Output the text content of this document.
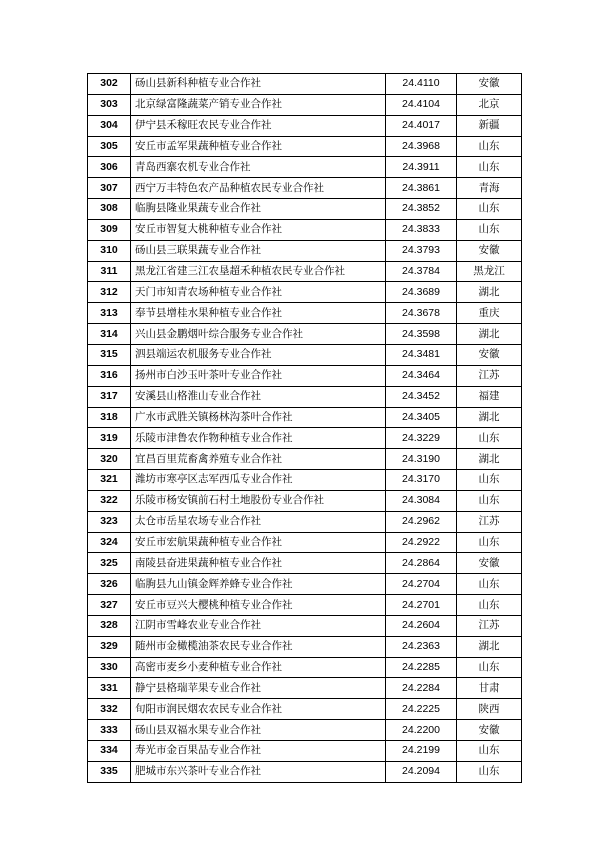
302	砀山县新科种植专业合作社	24.4110	安徽
303	北京绿富隆蔬菜产销专业合作社	24.4104	北京
304	伊宁县禾稼旺农民专业合作社	24.4017	新疆
305	安丘市孟军果蔬种植专业合作社	24.3968	山东
306	青岛西寨农机专业合作社	24.3911	山东
307	西宁万丰特色农产品种植农民专业合作社	24.3861	青海
308	临朐县隆业果蔬专业合作社	24.3852	山东
309	安丘市智复大桃种植专业合作社	24.3833	山东
310	砀山县三联果蔬专业合作社	24.3793	安徽
311	黑龙江省建三江农垦超禾种植农民专业合作社	24.3784	黑龙江
312	天门市知青农场种植专业合作社	24.3689	湖北
313	奉节县增桂水果种植专业合作社	24.3678	重庆
314	兴山县金鹏烟叶综合服务专业合作社	24.3598	湖北
315	泗县端运农机服务专业合作社	24.3481	安徽
316	扬州市白沙玉叶茶叶专业合作社	24.3464	江苏
317	安溪县山格淮山专业合作社	24.3452	福建
318	广水市武胜关镇杨林沟茶叶合作社	24.3405	湖北
319	乐陵市津鲁农作物种植专业合作社	24.3229	山东
320	宜昌百里荒畜禽养殖专业合作社	24.3190	湖北
321	潍坊市寒亭区志军西瓜专业合作社	24.3170	山东
322	乐陵市杨安镇前石村土地股份专业合作社	24.3084	山东
323	太仓市岳星农场专业合作社	24.2962	江苏
324	安丘市宏航果蔬种植专业合作社	24.2922	山东
325	南陵县奋进果蔬种植专业合作社	24.2864	安徽
326	临朐县九山镇金辉养蜂专业合作社	24.2704	山东
327	安丘市豆兴大樱桃种植专业合作社	24.2701	山东
328	江阴市雪峰农业专业合作社	24.2604	江苏
329	随州市金橄榄油茶农民专业合作社	24.2363	湖北
330	高密市麦乡小麦种植专业合作社	24.2285	山东
331	静宁县格瑞苹果专业合作社	24.2284	甘肃
332	旬阳市润民烟农农民专业合作社	24.2225	陕西
333	砀山县双福水果专业合作社	24.2200	安徽
334	寿光市金百果品专业合作社	24.2199	山东
335	肥城市东兴茶叶专业合作社	24.2094	山东
